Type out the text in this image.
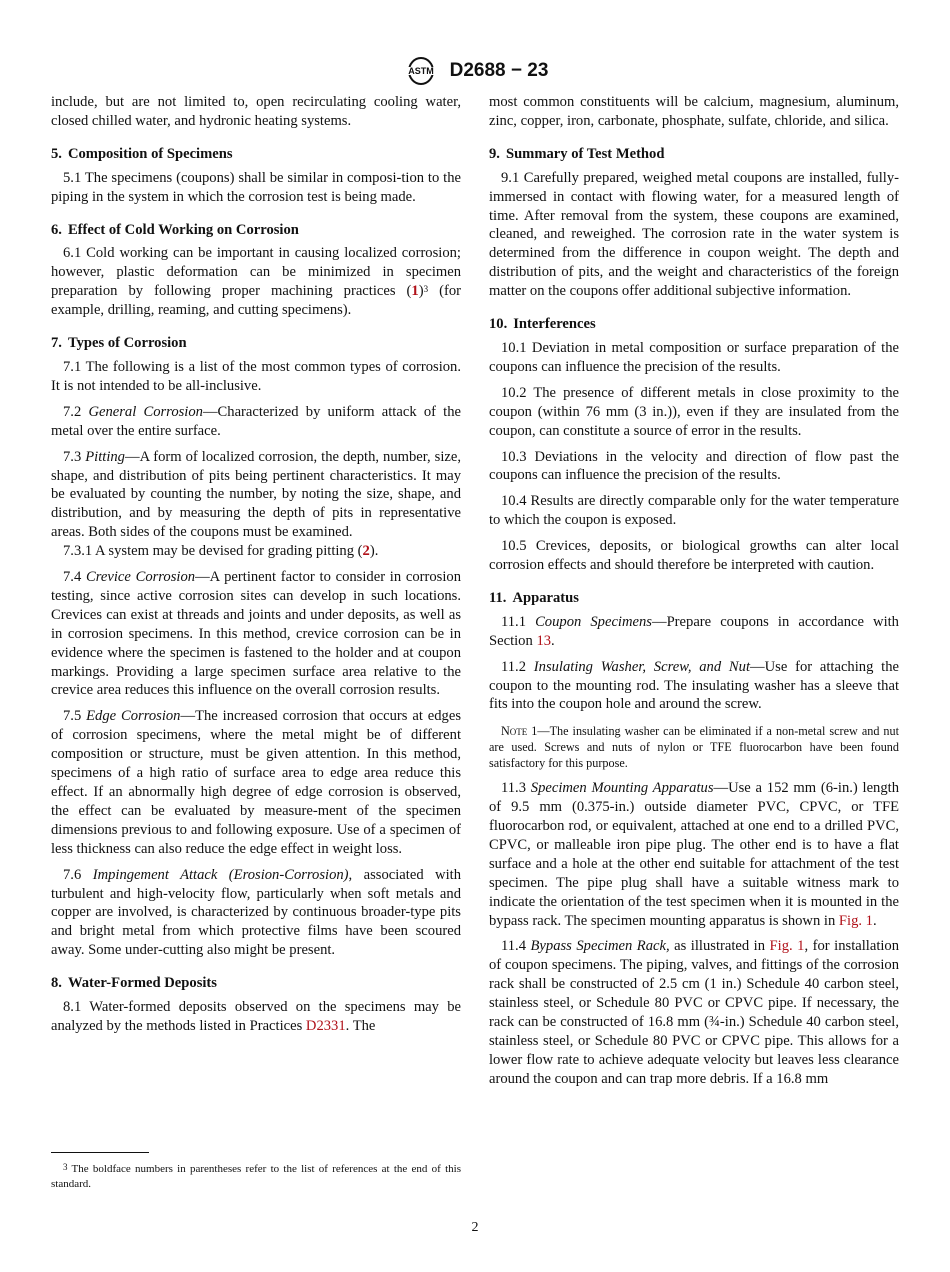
ASTM D2688 − 23

include, but are not limited to, open recirculating cooling water, closed chilled water, and hydronic heating systems.

5. Composition of Specimens

5.1 The specimens (coupons) shall be similar in composi-tion to the piping in the system in which the corrosion test is being made.

6. Effect of Cold Working on Corrosion

6.1 Cold working can be important in causing localized corrosion; however, plastic deformation can be minimized in specimen preparation by following proper machining practices $(1)^3$ (for example, drilling, reaming, and cutting specimens).

7. Types of Corrosion

7.1 The following is a list of the most common types of corrosion. It is not intended to be all-inclusive.

7.2 General Corrosion—Characterized by uniform attack of the metal over the entire surface.

7.3 Pitting—A form of localized corrosion, the depth, number, size, shape, and distribution of pits being pertinent characteristics. It may be evaluated by counting the number, by noting the size, shape, and distribution, and by measuring the depth of pits in representative areas. Both sides of the coupons must be examined.

7.3.1 A system may be devised for grading pitting (2).

7.4 Crevice Corrosion—A pertinent factor to consider in corrosion testing, since active corrosion sites can develop in such locations. Crevices can exist at threads and joints and under deposits, as well as in corrosion specimens. In this method, crevice corrosion can be in evidence where the specimen is fastened to the holder and at coupon markings. Providing a large specimen surface area relative to the crevice area reduces this influence on the overall corrosion results.

7.5 Edge Corrosion—The increased corrosion that occurs at edges of corrosion specimens, where the metal might be of different composition or structure, must be given attention. In this method, specimens of a high ratio of surface area to edge area reduce this effect. If an abnormally high degree of edge corrosion is observed, the effect can be evaluated by measure-ment of the specimen dimensions previous to and following exposure. Use of a specimen of less thickness can also reduce the edge effect in weight loss.

7.6 Impingement Attack (Erosion-Corrosion), associated with turbulent and high-velocity flow, particularly when soft metals and copper are involved, is characterized by continuous broader-type pits and bright metal from which protective films have been scoured away. Some under-cutting also might be present.

8. Water-Formed Deposits

8.1 Water-formed deposits observed on the specimens may be analyzed by the methods listed in Practices D2331. The

$^3$ The boldface numbers in parentheses refer to the list of references at the end of this standard.

most common constituents will be calcium, magnesium, aluminum, zinc, copper, iron, carbonate, phosphate, sulfate, chloride, and silica.

9. Summary of Test Method

9.1 Carefully prepared, weighed metal coupons are installed, fully-immersed in contact with flowing water, for a measured length of time. After removal from the system, these coupons are examined, cleaned, and reweighed. The corrosion rate in the water system is determined from the difference in coupon weight. The depth and distribution of pits, and the weight and characteristics of the foreign matter on the coupons offer additional subjective information.

10. Interferences

10.1 Deviation in metal composition or surface preparation of the coupons can influence the precision of the results.

10.2 The presence of different metals in close proximity to the coupon (within 76 mm (3 in.)), even if they are insulated from the coupon, can constitute a source of error in the results.

10.3 Deviations in the velocity and direction of flow past the coupons can influence the precision of the results.

10.4 Results are directly comparable only for the water temperature to which the coupon is exposed.

10.5 Crevices, deposits, or biological growths can alter local corrosion effects and should therefore be interpreted with caution.

11. Apparatus

11.1 Coupon Specimens—Prepare coupons in accordance with Section 13.

11.2 Insulating Washer, Screw, and Nut—Use for attaching the coupon to the mounting rod. The insulating washer has a sleeve that fits into the coupon hole and around the screw.

Note 1—The insulating washer can be eliminated if a non-metal screw and nut are used. Screws and nuts of nylon or TFE fluorocarbon have been found satisfactory for this purpose.

11.3 Specimen Mounting Apparatus—Use a 152 mm (6-in.) length of 9.5 mm (0.375-in.) outside diameter PVC, CPVC, or TFE fluorocarbon rod, or equivalent, attached at one end to a drilled PVC, CPVC, or malleable iron pipe plug. The other end is to have a flat surface and a hole at the other end suitable for attachment of the test specimen. The pipe plug shall have a suitable witness mark to indicate the orientation of the test specimen when it is mounted in the bypass rack. The specimen mounting apparatus is shown in Fig. 1.

11.4 Bypass Specimen Rack, as illustrated in Fig. 1, for installation of coupon specimens. The piping, valves, and fittings of the corrosion rack shall be constructed of 2.5 cm (1 in.) Schedule 40 carbon steel, stainless steel, or Schedule 80 PVC or CPVC pipe. If necessary, the rack can be constructed of 16.8 mm (¾-in.) Schedule 40 carbon steel, stainless steel, or Schedule 80 PVC or CPVC pipe. This allows for a lower flow rate to achieve adequate velocity but leaves less clearance around the coupon and can trap more debris. If a 16.8 mm

2
